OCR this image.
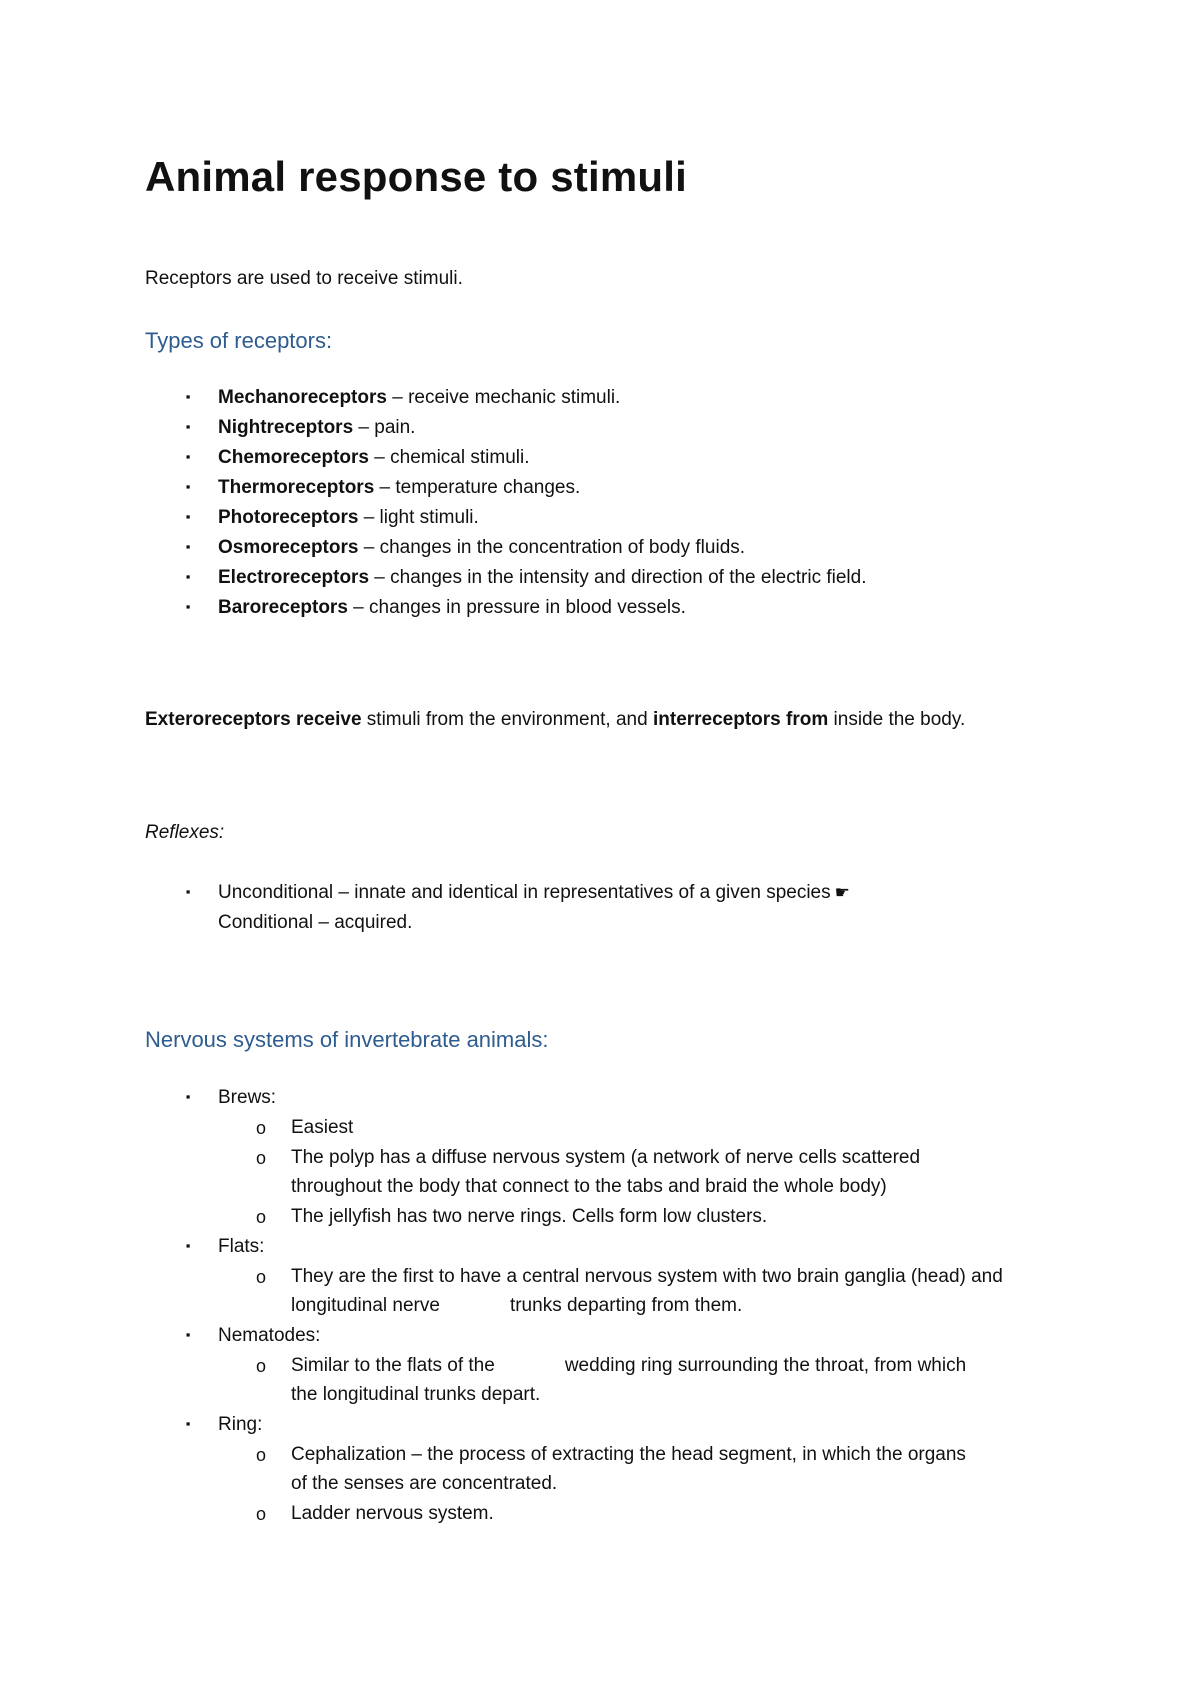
Animal response to stimuli
Receptors are used to receive stimuli.
Types of receptors:
▪	Mechanoreceptors – receive mechanic stimuli.
▪	Nightreceptors – pain.
▪	Chemoreceptors – chemical stimuli.
▪	Thermoreceptors – temperature changes.
▪	Photoreceptors – light stimuli.
▪	Osmoreceptors – changes in the concentration of body fluids.
▪	Electroreceptors – changes in the intensity and direction of the electric field.
▪	Baroreceptors – changes in pressure in blood vessels.
Exteroreceptors receive stimuli from the environment, and interreceptors from inside the body.
Reflexes:
▪	Unconditional – innate and identical in representatives of a given species ☛
Conditional – acquired.
Nervous systems of invertebrate animals:
▪	Brews:
o Easiest
o The polyp has a diffuse nervous system (a network of nerve cells scattered
throughout the body that connect to the tabs and braid the whole body)
o The jellyfish has two nerve rings. Cells form low clusters.
▪	Flats:
o They are the first to have a central nervous system with two brain ganglia (head) and
longitudinal nerve	trunks departing from them.
▪	Nematodes:
o Similar to the flats of the	wedding ring surrounding the throat, from which
the longitudinal trunks depart.
▪	Ring:
o Cephalization – the process of extracting the head segment, in which the organs
of the senses are concentrated.
o Ladder nervous system.
